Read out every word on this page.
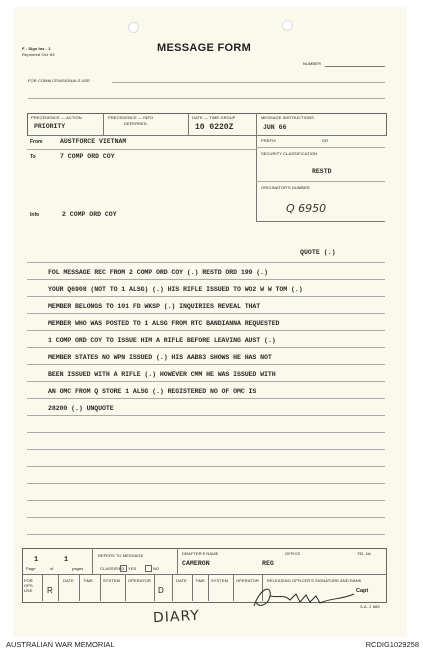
F - Sigs Ins - 1
Reprinted Oct '65
MESSAGE FORM
NUMBER
FOR COMM CEN/SIGNALS USE
PRECEDENCE — ACTION
PRIORITY
PRECEDENCE — INFO
DEFERRED
DATE — TIME GROUP
10 0220Z
MESSAGE INSTRUCTIONS
JUN 66
From	AUSTFORCE VIETNAM
To	7 COMP ORD COY
Info	2 COMP ORD COY
PREFIX	GR
SECURITY CLASSIFICATION
RESTD
ORIGINATOR'S NUMBER
Q 6950
QUOTE (.)
FOL MESSAGE REC FROM 2 COMP ORD COY (.) RESTD ORD 199 (.)
YOUR Q6908 (NOT TO 1 ALSG) (.) HIS RIFLE ISSUED TO WO2 W W TOM (.)
MEMBER BELONGS TO 101 FD WKSP (.) INQUIRIES REVEAL THAT
MEMBER WHO WAS POSTED TO 1 ALSG FROM RTC BANDIANNA REQUESTED
1 COMP ORD COY TO ISSUE HIM A RIFLE BEFORE LEAVING AUST (.)
MEMBER STATES NO WPN ISSUED (.) HIS AAB83 SHOWS HE HAS NOT
BEEN ISSUED WITH A RIFLE (.) HOWEVER CMM HE WAS ISSUED WITH
AN OMC FROM Q STORE 1 ALSG (.) REGISTERED NO OF OMC IS
28200 (.) UNQUOTE
1	1
Page	of	pages
REFERS TO MESSAGE
CLASSIFIED YES	NO
DRAFTER'S NAME
CAMERON
OFFICE
REG
TEL No
FOR OPS USE
DATE TIME	SYSTEM OPERATOR	DATE TIME SYSTEM OPERATOR RELEASING OFFICER'S SIGNATURE AND RANK
R	D	Capt
S.A. 2 665
DIARY
AUSTRALIAN WAR MEMORIAL	RCDIG1029258
